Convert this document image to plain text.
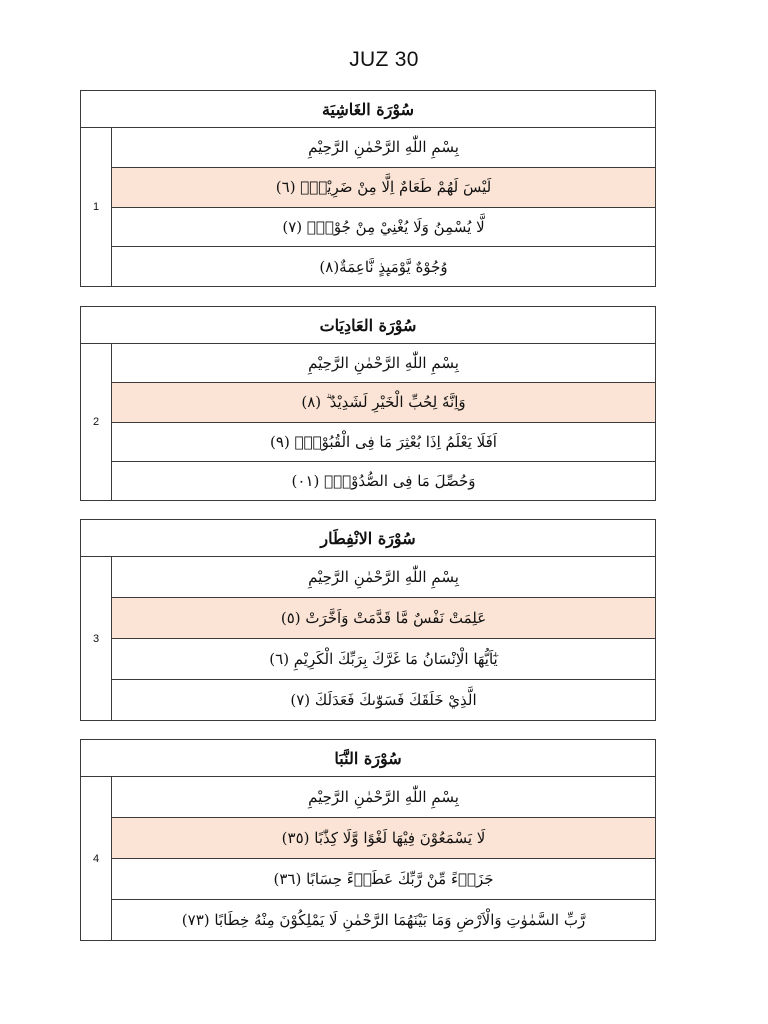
JUZ 30
سُوْرَة الغَاشِيَة
1
بِسْمِ اللّٰهِ الرَّحْمٰنِ الرَّحِيْمِ
لَيْسَ لَهُمْ طَعَامٌ اِلَّا مِنْ ضَرِيْعٍۙ (٦)
لَّا يُسْمِنُ وَلَا يُغْنِيْ مِنْ جُوْعٍۗ (٧)
وُجُوْهٌ يَّوْمَىِٕذٍ نَّاعِمَةٌ(٨)
سُوْرَة العَادِيَات
2
بِسْمِ اللّٰهِ الرَّحْمٰنِ الرَّحِيْمِ
وَاِنَّهٗ لِحُبِّ الْخَيْرِ لَشَدِيْدٌ ۗ (٨)
اَفَلَا يَعْلَمُ اِذَا بُعْثِرَ مَا فِى الْقُبُوْرِۙ (٩)
وَحُصِّلَ مَا فِى الصُّدُوْرِۙ (٠١)
سُوْرَة الانْفِطَار
3
بِسْمِ اللّٰهِ الرَّحْمٰنِ الرَّحِيْمِ
عَلِمَتْ نَفْسٌ مَّا قَدَّمَتْ وَاَخَّرَتْ (٥)
يٰٓاَيُّهَا الْاِنْسَانُ مَا غَرَّكَ بِرَبِّكَ الْكَرِيْمِ (٦)
الَّذِيْ خَلَقَكَ فَسَوّٰىكَ فَعَدَلَكَ (٧)
سُوْرَة النَّبَا
4
بِسْمِ اللّٰهِ الرَّحْمٰنِ الرَّحِيْمِ
لَا يَسْمَعُوْنَ فِيْهَا لَغْوًا وَّلَا كِذّٰبًا (٣٥)
جَزَاۤءً مِّنْ رَّبِّكَ عَطَاۤءً حِسَابًا (٣٦)
رَّبِّ السَّمٰوٰتِ وَالْاَرْضِ وَمَا بَيْنَهُمَا الرَّحْمٰنِ لَا يَمْلِكُوْنَ مِنْهُ خِطَابًا (٧٣)
